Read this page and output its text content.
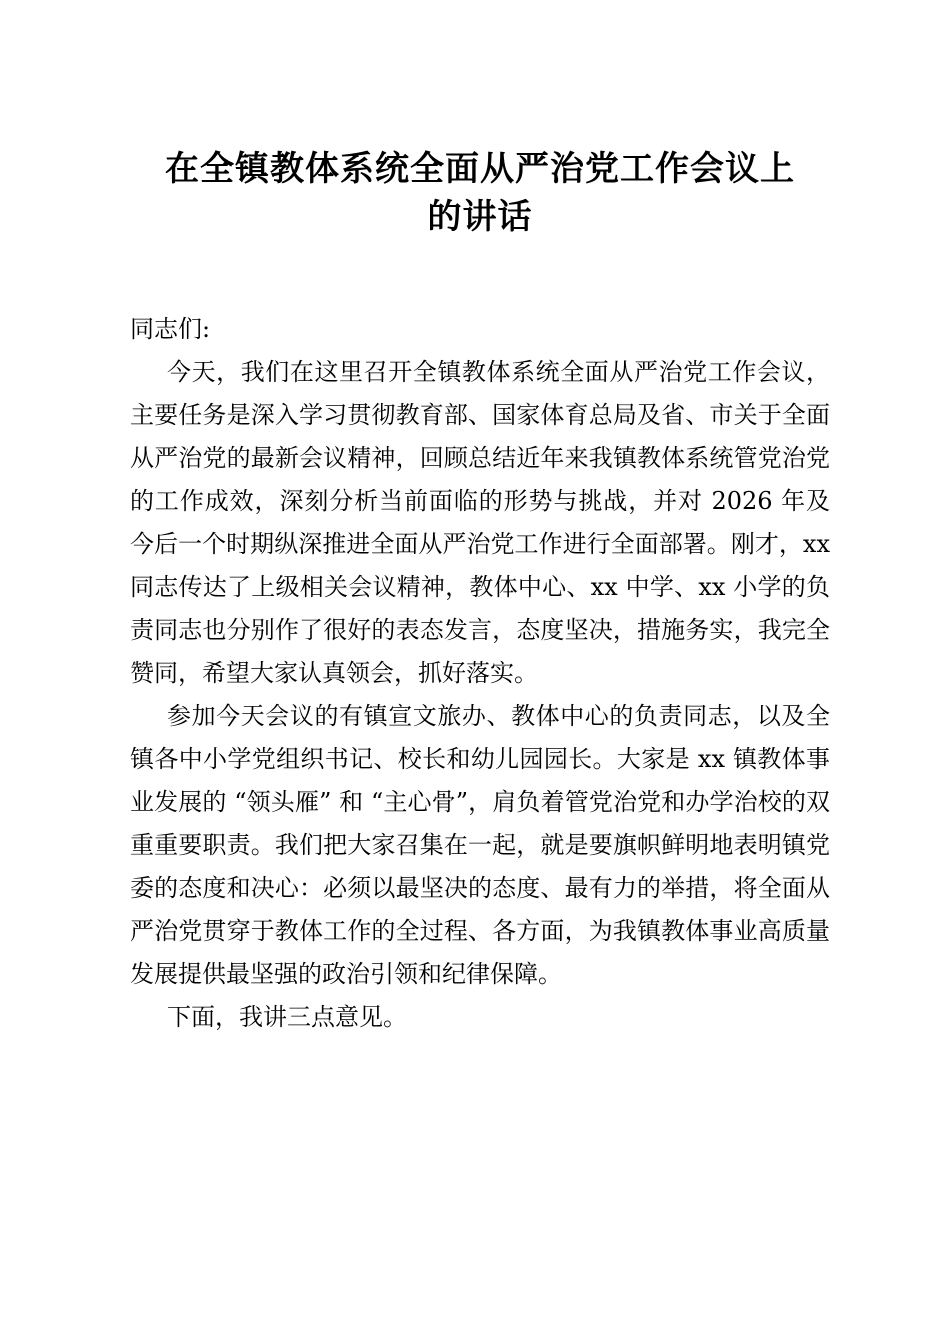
在全镇教体系统全面从严治党工作会议上
的讲话

同志们:

今天，我们在这里召开全镇教体系统全面从严治党工作会议，主要任务是深入学习贯彻教育部、国家体育总局及省、市关于全面从严治党的最新会议精神，回顾总结近年来我镇教体系统管党治党的工作成效，深刻分析当前面临的形势与挑战，并对 2026 年及今后一个时期纵深推进全面从严治党工作进行全面部署。刚才，xx 同志传达了上级相关会议精神，教体中心、xx 中学、xx 小学的负责同志也分别作了很好的表态发言，态度坚决，措施务实，我完全赞同，希望大家认真领会，抓好落实。

参加今天会议的有镇宣文旅办、教体中心的负责同志，以及全镇各中小学党组织书记、校长和幼儿园园长。大家是 xx 镇教体事业发展的 “领头雁” 和 “主心骨”，肩负着管党治党和办学治校的双重重要职责。我们把大家召集在一起，就是要旗帜鲜明地表明镇党委的态度和决心：必须以最坚决的态度、最有力的举措，将全面从严治党贯穿于教体工作的全过程、各方面，为我镇教体事业高质量发展提供最坚强的政治引领和纪律保障。

下面，我讲三点意见。
